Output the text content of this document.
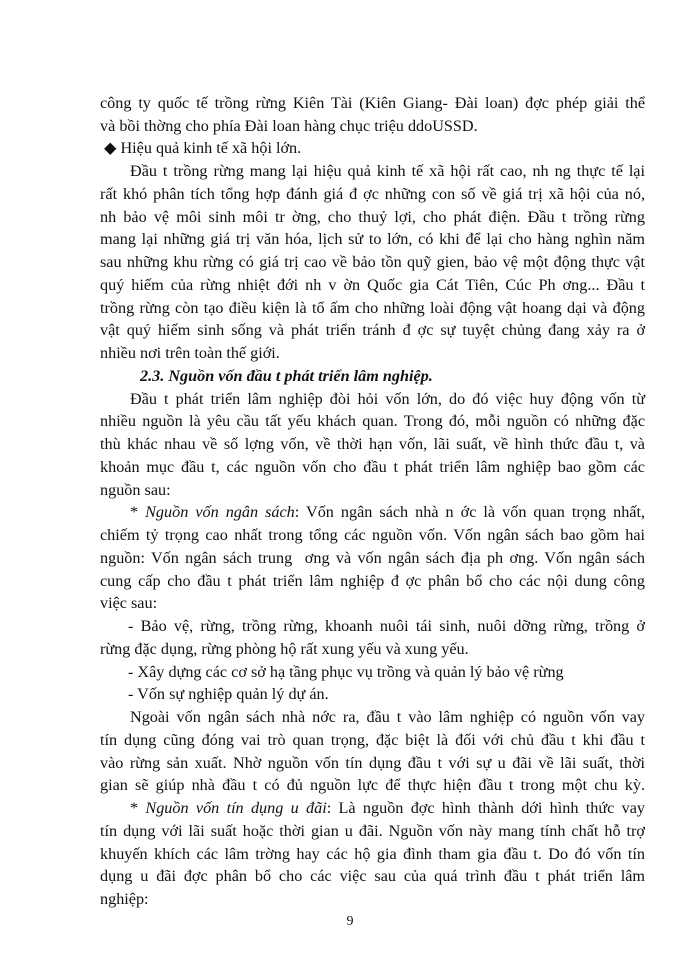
công ty quốc tế trồng rừng Kiên Tài (Kiên Giang- Đài loan) đợc phép giải thể
và bồi thờng cho phía Đài loan hàng chục triệu ddoUSSD.
◆ Hiệu quả kinh tế xã hội lớn.
Đầu t trồng rừng mang lại hiệu quả kinh tế xã hội rất cao, nh ng thực tế lại
rất khó phân tích tổng hợp đánh giá đ ợc những con số về giá trị xã hội của nó,
nh bảo vệ môi sinh môi tr ờng, cho thuỷ lợi, cho phát điện. Đầu t trồng rừng
mang lại những giá trị văn hóa, lịch sử to lớn, có khi để lại cho hàng nghìn năm
sau những khu rừng có giá trị cao về bảo tồn quỹ gien, bảo vệ một động thực vật
quý hiếm của rừng nhiệt đới nh v ờn Quốc gia Cát Tiên, Cúc Ph ơng... Đầu t
trồng rừng còn tạo điều kiện là tổ ấm cho những loài động vật hoang dại và động
vật quý hiếm sinh sống và phát triển tránh đ ợc sự tuyệt chủng đang xảy ra ở
nhiều nơi trên toàn thế giới.
2.3. Nguồn vốn đầu t phát triển lâm nghiệp.
Đầu t phát triển lâm nghiệp đòi hỏi vốn lớn, do đó việc huy động vốn từ
nhiều nguồn là yêu cầu tất yếu khách quan. Trong đó, mỗi nguồn có những đặc
thù khác nhau về số lợng vốn, về thời hạn vốn, lãi suất, về hình thức đầu t, và
khoản mục đầu t, các nguồn vốn cho đầu t phát triển lâm nghiệp bao gồm các
nguồn sau:
* Nguồn vốn ngân sách: Vốn ngân sách nhà n ớc là vốn quan trọng nhất,
chiếm tỷ trọng cao nhất trong tổng các nguồn vốn. Vốn ngân sách bao gồm hai
nguồn: Vốn ngân sách trung ơng và vốn ngân sách địa ph ơng. Vốn ngân sách
cung cấp cho đầu t phát triển lâm nghiệp đ ợc phân bổ cho các nội dung công
việc sau:
- Bảo vệ, rừng, trồng rừng, khoanh nuôi tái sinh, nuôi dỡng rừng, trồng ở
rừng đặc dụng, rừng phòng hộ rất xung yếu và xung yếu.
- Xây dựng các cơ sở hạ tầng phục vụ trồng và quản lý bảo vệ rừng
- Vốn sự nghiệp quản lý dự án.
Ngoài vốn ngân sách nhà nớc ra, đầu t vào lâm nghiệp có nguồn vốn vay
tín dụng cũng đóng vai trò quan trọng, đặc biệt là đối với chủ đầu t khi đầu t
vào rừng sản xuất. Nhờ nguồn vốn tín dụng đầu t với sự u đãi về lãi suất, thời
gian sẽ giúp nhà đầu t có đủ nguồn lực để thực hiện đầu t trong một chu kỳ.
* Nguồn vốn tín dụng u đãi: Là nguồn đợc hình thành dới hình thức vay
tín dụng với lãi suất hoặc thời gian u đãi. Nguồn vốn này mang tính chất hỗ trợ
khuyến khích các lâm trờng hay các hộ gia đình tham gia đầu t. Do đó vốn tín
dụng u đãi đợc phân bổ cho các việc sau của quá trình đầu t phát triển lâm
nghiệp:
9
